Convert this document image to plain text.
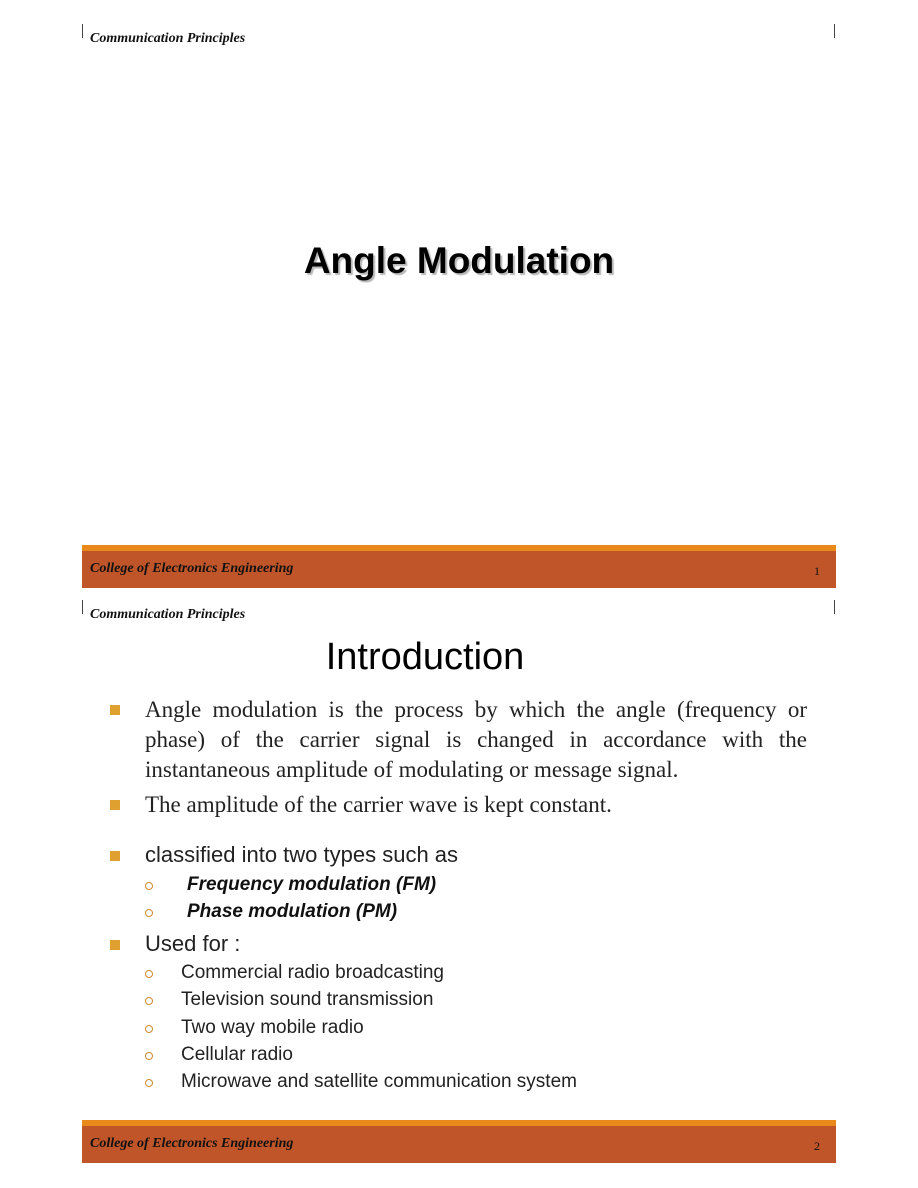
Communication Principles
Angle Modulation
College of Electronics Engineering	1
Communication Principles
Introduction
Angle modulation is the process by which the angle (frequency or
phase) of the carrier signal is changed in accordance with the
instantaneous amplitude of modulating or message signal.
The amplitude of the carrier wave is kept constant.
classified into two types such as
Frequency modulation (FM)
Phase modulation (PM)
Used for :
Commercial radio broadcasting
Television sound transmission
Two way mobile radio
Cellular radio
Microwave and satellite communication system
College of Electronics Engineering	2
